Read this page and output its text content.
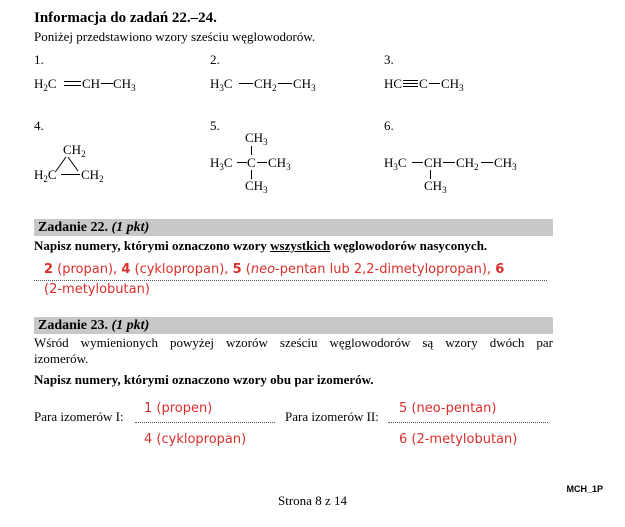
Informacja do zadań 22.–24.
Poniżej przedstawiono wzory sześciu węglowodorów.
1.	2.	3.
4.	5.	6.
$H_2C$ CH $CH_3$	$H_3C$ $CH_2$ $CH_3$	HC C $CH_3$
$CH_2$
$H_2C$ $CH_2$
$CH_3$
$H_3C$ C $CH_3$
$CH_3$
$H_3C$ CH $CH_2$ $CH_3$
$CH_3$
Zadanie 22. (1 pkt)
Napisz numery, którymi oznaczono wzory wszystkich węglowodorów nasyconych.
2 (propan), 4 (cyklopropan), 5 (neo-pentan lub 2,2-dimetylopropan), 6
(2-metylobutan)
Zadanie 23. (1 pkt)
Wśród wymienionych powyżej wzorów sześciu węglowodorów są wzory dwóch par
izomerów.
Napisz numery, którymi oznaczono wzory obu par izomerów.
Para izomerów I:
1 (propen)
4 (cyklopropan)
Para izomerów II:
5 (neo-pentan)
6 (2-metylobutan)
MCH_1P
Strona 8 z 14
